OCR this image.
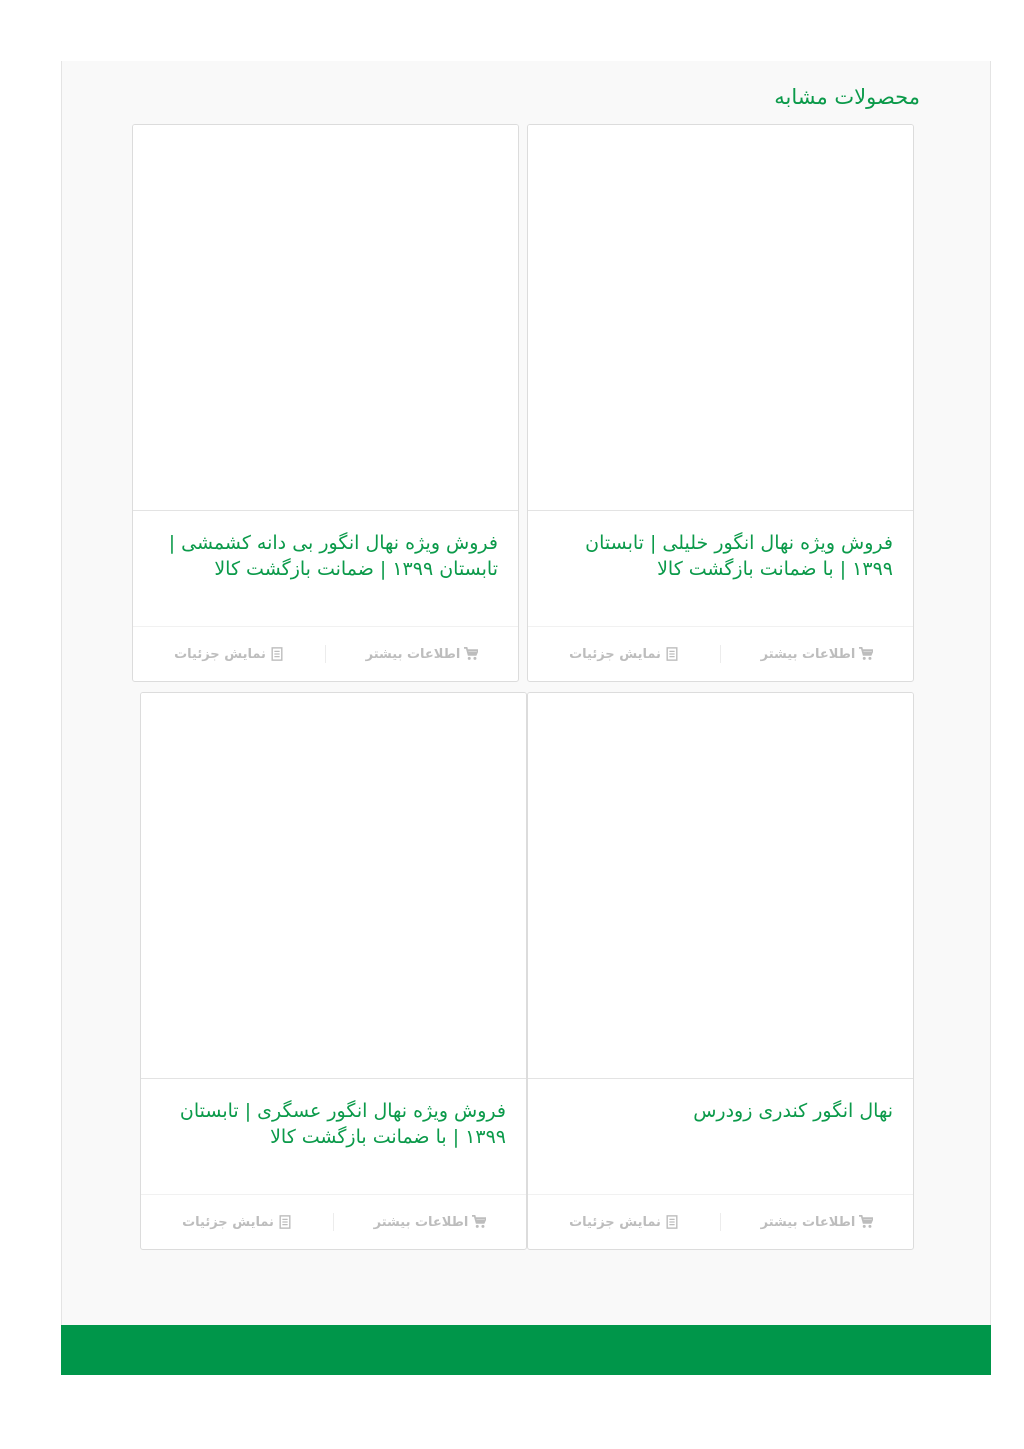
محصولات مشابه
فروش ویژه نهال انگور خلیلی | تابستان ۱۳۹۹ | با ضمانت بازگشت کالا
اطلاعات بیشتر
نمایش جزئیات
فروش ویژه نهال انگور بی دانه کشمشی | تابستان ۱۳۹۹ | ضمانت بازگشت کالا
اطلاعات بیشتر
نمایش جزئیات
نهال انگور کندری زودرس
اطلاعات بیشتر
نمایش جزئیات
فروش ویژه نهال انگور عسگری | تابستان ۱۳۹۹ | با ضمانت بازگشت کالا
اطلاعات بیشتر
نمایش جزئیات
